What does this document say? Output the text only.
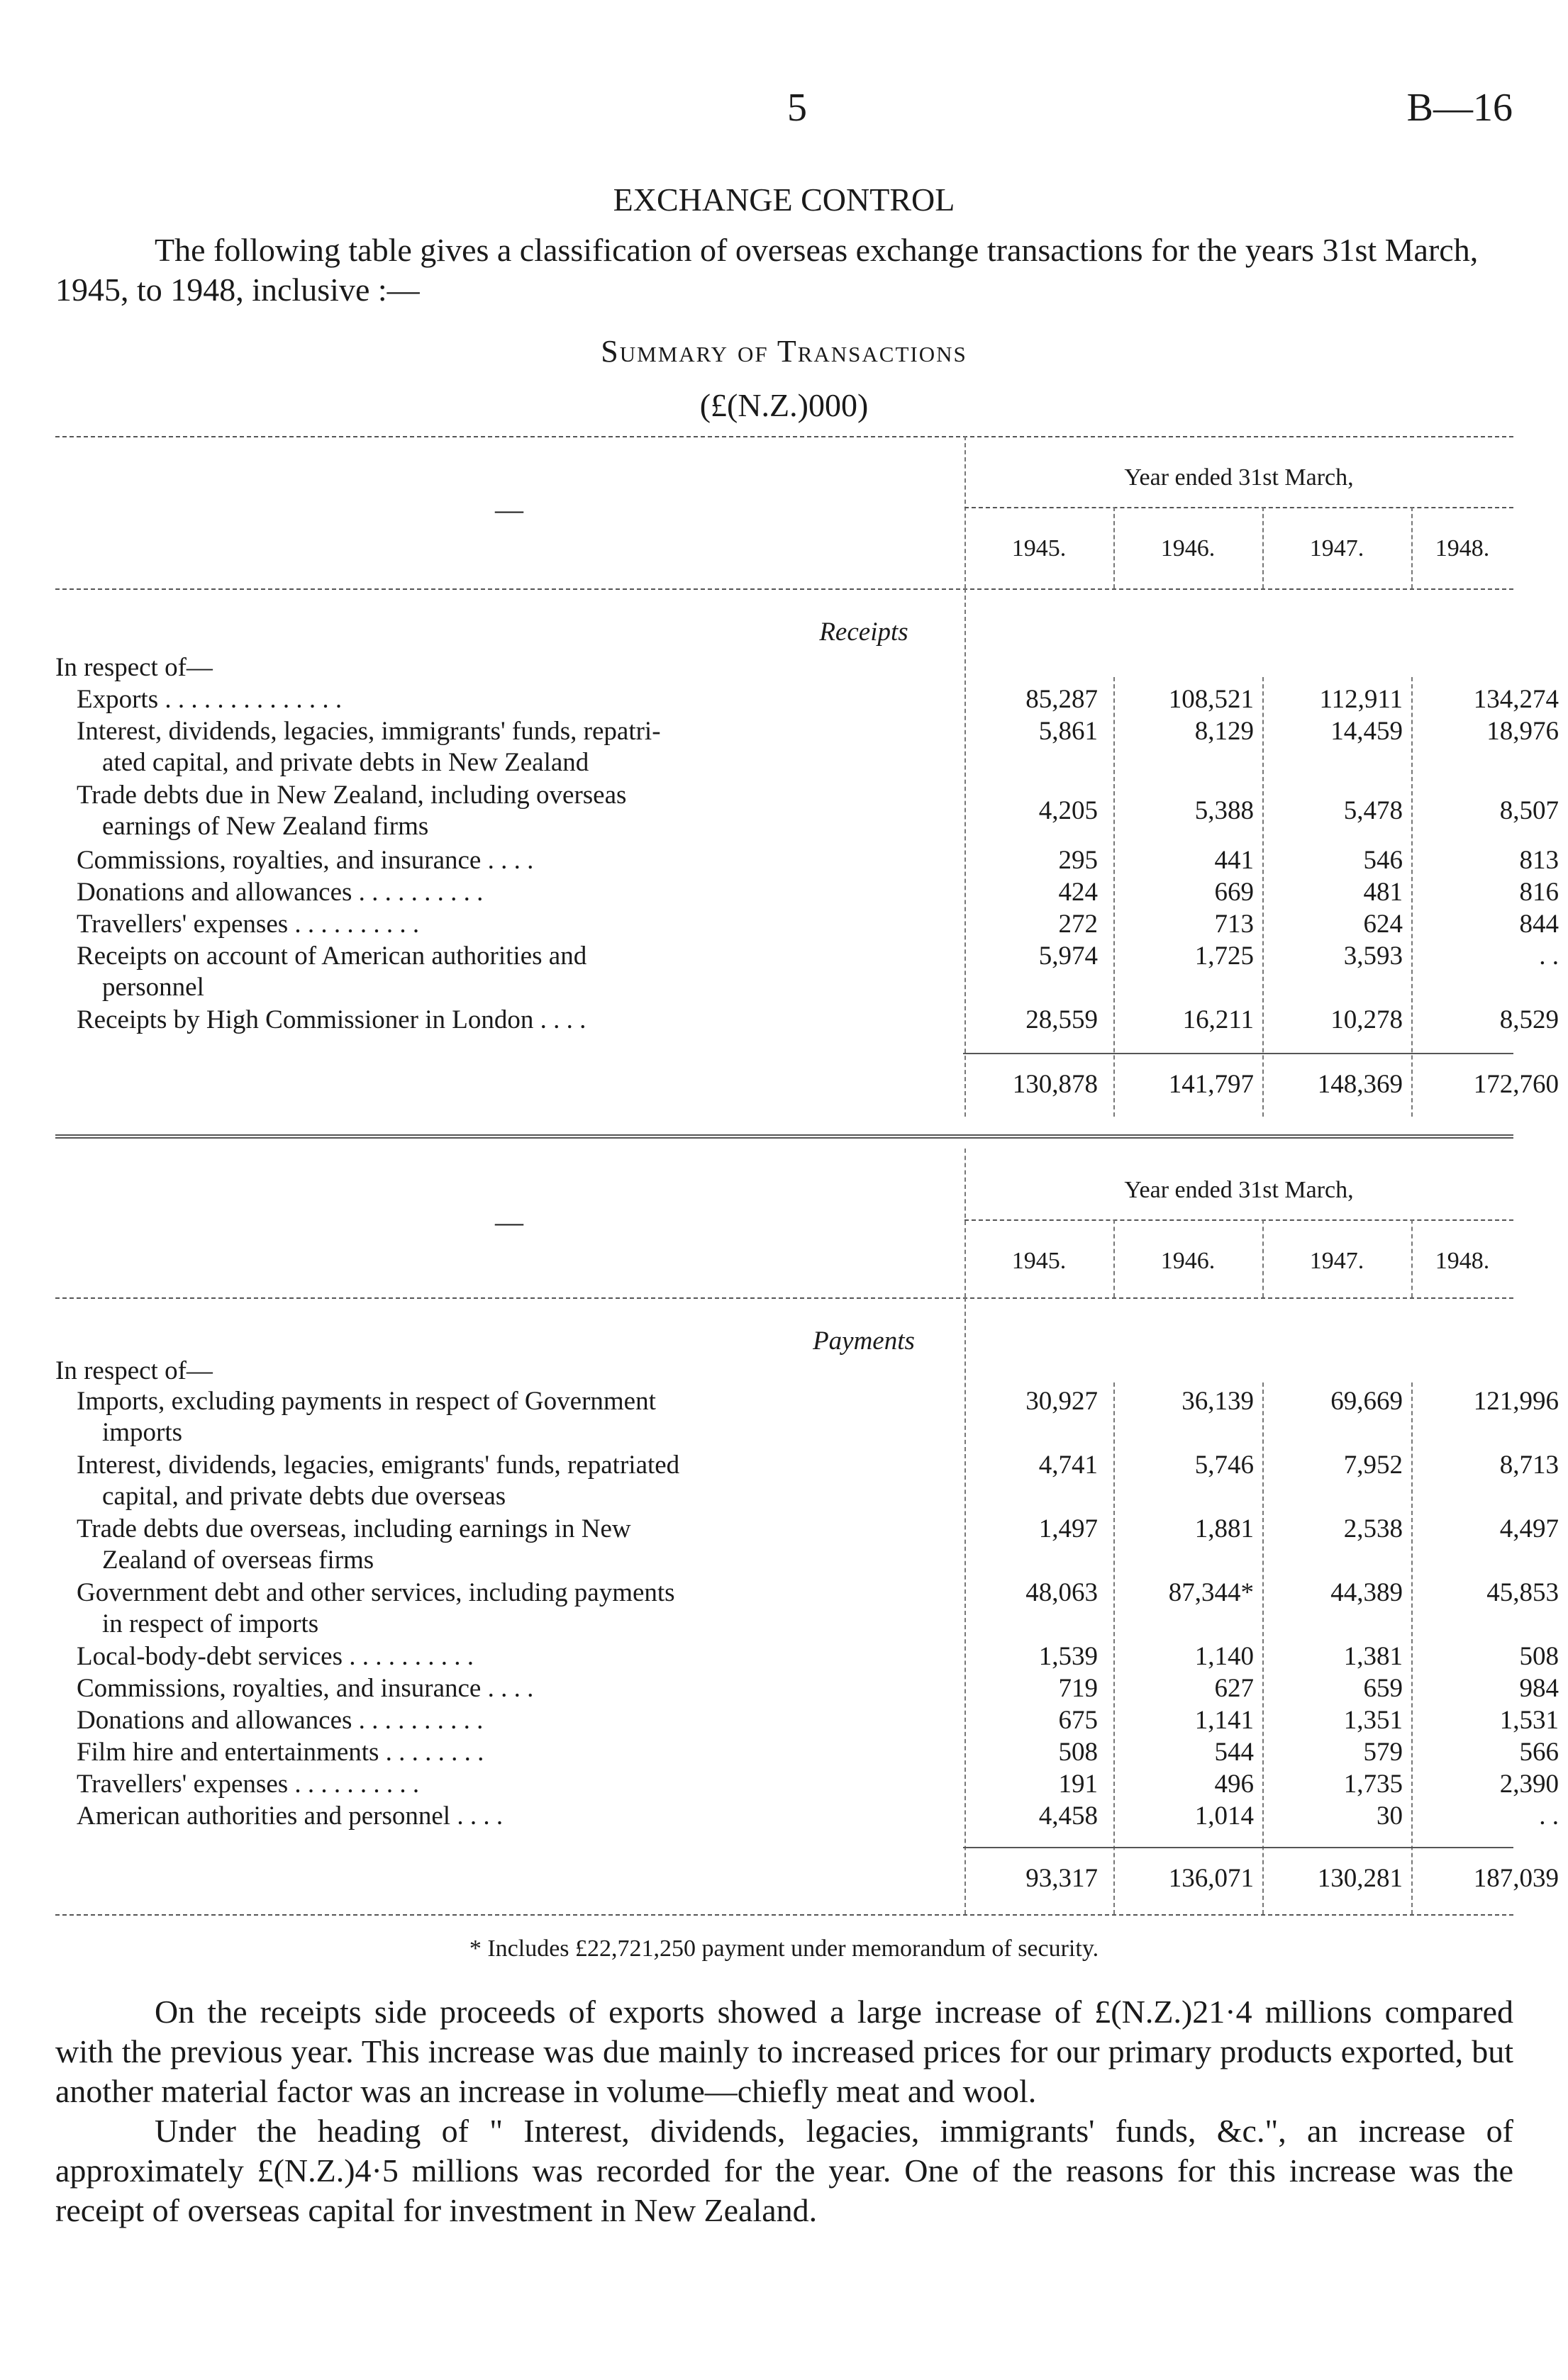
5	B—16
EXCHANGE CONTROL

The following table gives a classification of overseas exchange transactions for the years 31st March, 1945, to 1948, inclusive :—

Summary of Transactions
(£(N.Z.)000)
—
Year ended 31st March,
1945.	1946.	1947.	1948.
Receipts
In respect of—
Exports . . . . . . . . . . . . . .	85,287	108,521	112,911	134,274
Interest, dividends, legacies, immigrants' funds, repatri-
ated capital, and private debts in New Zealand
5,861	8,129	14,459	18,976
Trade debts due in New Zealand, including overseas
earnings of New Zealand firms
4,205	5,388	5,478	8,507
Commissions, royalties, and insurance . . . .	295	441	546	813
Donations and allowances . . . . . . . . . .	424	669	481	816
Travellers' expenses . . . . . . . . . .	272	713	624	844
Receipts on account of American authorities and
personnel
5,974	1,725	3,593	. .
Receipts by High Commissioner in London . . . .	28,559	16,211	10,278	8,529
130,878	141,797	148,369	172,760
—
Year ended 31st March,
1945.	1946.	1947.	1948.
Payments
In respect of—
Imports, excluding payments in respect of Government
imports
30,927	36,139	69,669	121,996
Interest, dividends, legacies, emigrants' funds, repatriated
capital, and private debts due overseas
4,741	5,746	7,952	8,713
Trade debts due overseas, including earnings in New
Zealand of overseas firms
1,497	1,881	2,538	4,497
Government debt and other services, including payments
in respect of imports
48,063	87,344*	44,389	45,853
Local-body-debt services . . . . . . . . . .	1,539	1,140	1,381	508
Commissions, royalties, and insurance . . . .	719	627	659	984
Donations and allowances . . . . . . . . . .	675	1,141	1,351	1,531
Film hire and entertainments . . . . . . . .	508	544	579	566
Travellers' expenses . . . . . . . . . .	191	496	1,735	2,390
American authorities and personnel . . . .	4,458	1,014	30	. .
93,317	136,071	130,281	187,039
* Includes £22,721,250 payment under memorandum of security.

On the receipts side proceeds of exports showed a large increase of £(N.Z.)21·4 millions compared with the previous year. This increase was due mainly to increased prices for our primary products exported, but another material factor was an increase in volume—chiefly meat and wool.

Under the heading of " Interest, dividends, legacies, immigrants' funds, &c.", an increase of approximately £(N.Z.)4·5 millions was recorded for the year. One of the reasons for this increase was the receipt of overseas capital for investment in New Zealand.
